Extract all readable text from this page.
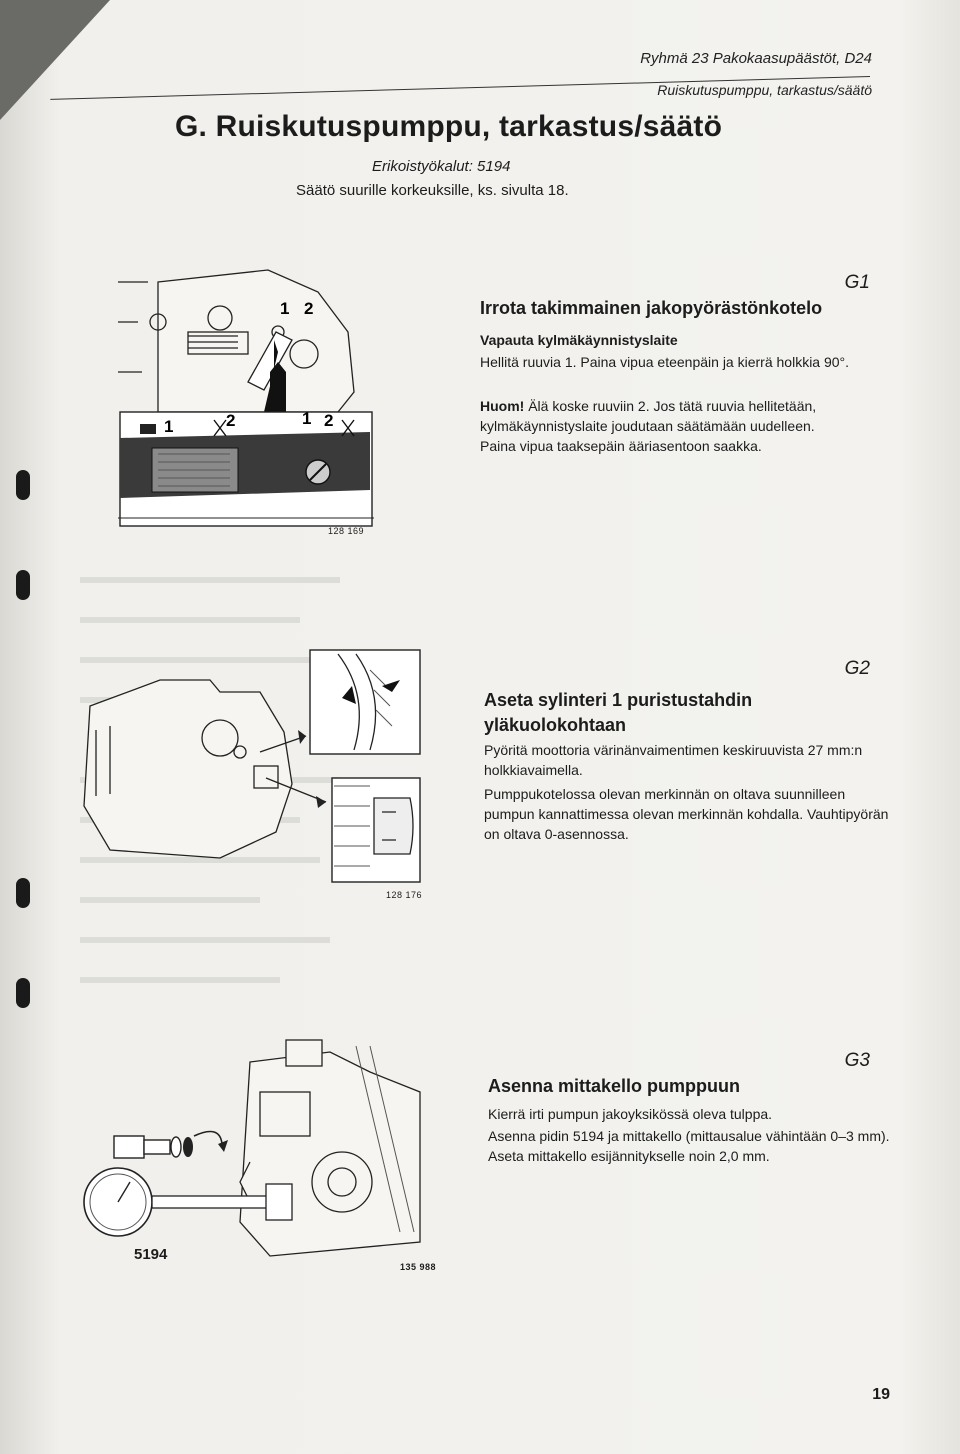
Ryhmä 23 Pakokaasupäästöt, D24
Ruiskutuspumppu, tarkastus/säätö
G. Ruiskutuspumppu, tarkastus/säätö
Erikoistyökalut: 5194
Säätö suurille korkeuksille, ks. sivulta 18.
G1
Irrota takimmainen jakopyörästönkotelo
Vapauta kylmäkäynnistyslaite

Hellitä ruuvia 1. Paina vipua eteenpäin ja kierrä holkkia 90°.

Huom! Älä koske ruuviin 2. Jos tätä ruuvia hellitetään, kylmäkäynnistyslaite joudutaan säätämään uudelleen.

Paina vipua taaksepäin ääriasentoon saakka.

1	2	1 2
1 2
128 169
G2
Aseta sylinteri 1 puristustahdin yläkuolokohtaan

Pyöritä moottoria värinänvaimentimen keskiruuvista 27 mm:n holkkiavaimella.

Pumppukotelossa olevan merkinnän on oltava suunnilleen pumpun kannattimessa olevan merkinnän kohdalla. Vauhtipyörän on oltava 0-asennossa.

128 176
G3
Asenna mittakello pumppuun

Kierrä irti pumpun jakoyksikössä oleva tulppa.

Asenna pidin 5194 ja mittakello (mittausalue vähintään 0–3 mm). Aseta mittakello esijännitykselle noin 2,0 mm.

5194
135 988
19
